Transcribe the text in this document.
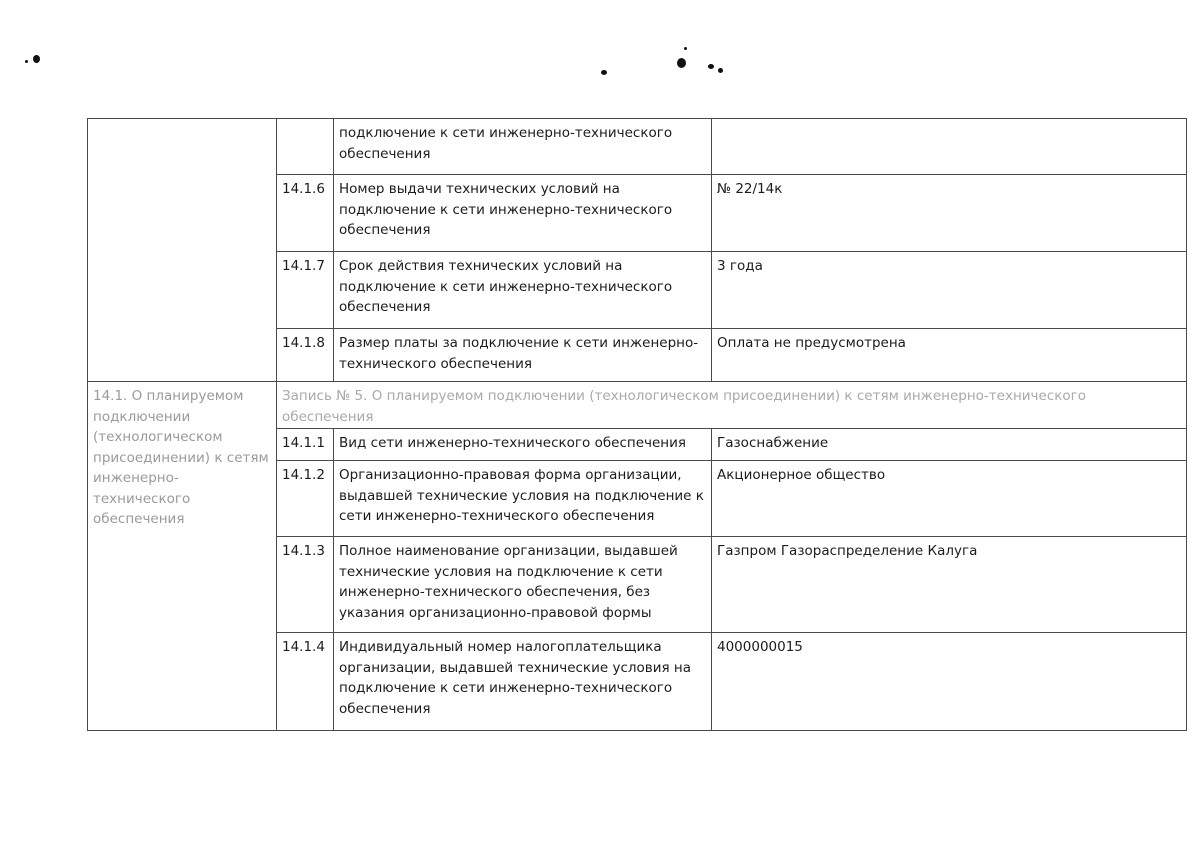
		подключение к сети инженерно-технического обеспечения	
	14.1.6	Номер выдачи технических условий на подключение к сети инженерно-технического обеспечения	№ 22/14к
	14.1.7	Срок действия технических условий на подключение к сети инженерно-технического обеспечения	3 года
	14.1.8	Размер платы за подключение к сети инженерно-технического обеспечения	Оплата не предусмотрена
14.1. О планируемом подключении (технологическом присоединении) к сетям инженерно-технического обеспечения	Запись № 5. О планируемом подключении (технологическом присоединении) к сетям инженерно-технического обеспечения		
	14.1.1	Вид сети инженерно-технического обеспечения	Газоснабжение
	14.1.2	Организационно-правовая форма организации, выдавшей технические условия на подключение к сети инженерно-технического обеспечения	Акционерное общество
	14.1.3	Полное наименование организации, выдавшей технические условия на подключение к сети инженерно-технического обеспечения, без указания организационно-правовой формы	Газпром Газораспределение Калуга
	14.1.4	Индивидуальный номер налогоплательщика организации, выдавшей технические условия на подключение к сети инженерно-технического обеспечения	4000000015
